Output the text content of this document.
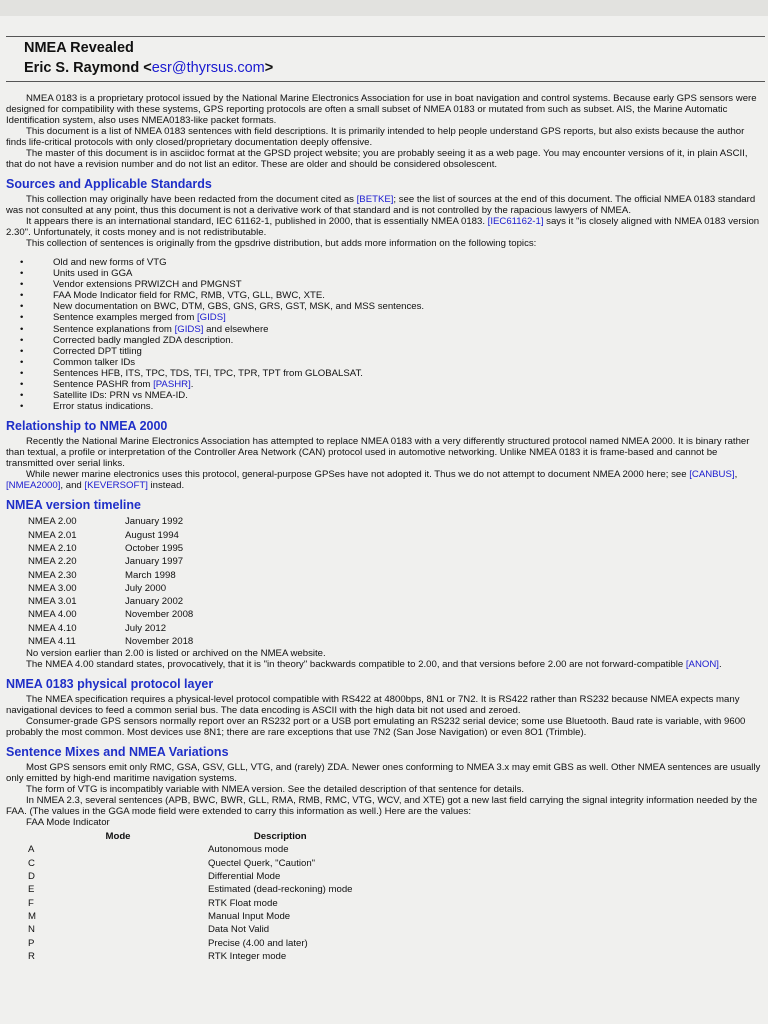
NMEA Revealed
Eric S. Raymond <esr@thyrsus.com>

NMEA 0183 is a proprietary protocol issued by the National Marine Electronics Association for use in boat navigation and control systems. Because early GPS sensors were designed for compatibility with these systems, GPS reporting protocols are often a small subset of NMEA 0183 or mutated from such as subset. AIS, the Marine Automatic Identification system, also uses NMEA0183-like packet formats.

This document is a list of NMEA 0183 sentences with field descriptions. It is primarily intended to help people understand GPS reports, but also exists because the author finds life-critical protocols with only closed/proprietary documentation deeply offensive.

The master of this document is in asciidoc format at the GPSD project website; you are probably seeing it as a web page. You may encounter versions of it, in plain ASCII, that do not have a revision number and do not list an editor. These are older and should be considered obsolescent.

Sources and Applicable Standards

This collection may originally have been redacted from the document cited as [BETKE]; see the list of sources at the end of this document. The official NMEA 0183 standard was not consulted at any point, thus this document is not a derivative work of that standard and is not controlled by the rapacious lawyers of NMEA.

It appears there is an international standard, IEC 61162-1, published in 2000, that is essentially NMEA 0183. [IEC61162-1] says it "is closely aligned with NMEA 0183 version 2.30". Unfortunately, it costs money and is not redistributable.

This collection of sentences is originally from the gpsdrive distribution, but adds more information on the following topics:

• Old and new forms of VTG
• Units used in GGA
• Vendor extensions PRWIZCH and PMGNST
• FAA Mode Indicator field for RMC, RMB, VTG, GLL, BWC, XTE.
• New documentation on BWC, DTM, GBS, GNS, GRS, GST, MSK, and MSS sentences.
• Sentence examples merged from [GIDS]
• Sentence explanations from [GIDS] and elsewhere
• Corrected badly mangled ZDA description.
• Corrected DPT titling
• Common talker IDs
• Sentences HFB, ITS, TPC, TDS, TFI, TPC, TPR, TPT from GLOBALSAT.
• Sentence PASHR from [PASHR].
• Satellite IDs: PRN vs NMEA-ID.
• Error status indications.
Relationship to NMEA 2000

Recently the National Marine Electronics Association has attempted to replace NMEA 0183 with a very differently structured protocol named NMEA 2000. It is binary rather than textual, a profile or interpretation of the Controller Area Network (CAN) protocol used in automotive networking. Unlike NMEA 0183 it is frame-based and cannot be transmitted over serial links.

While newer marine electronics uses this protocol, general-purpose GPSes have not adopted it. Thus we do not attempt to document NMEA 2000 here; see [CANBUS], [NMEA2000], and [KEVERSOFT] instead.

NMEA version timeline
NMEA 2.00	January 1992
NMEA 2.01	August 1994
NMEA 2.10	October 1995
NMEA 2.20	January 1997
NMEA 2.30	March 1998
NMEA 3.00	July 2000
NMEA 3.01	January 2002
NMEA 4.00	November 2008
NMEA 4.10	July 2012
NMEA 4.11	November 2018

No version earlier than 2.00 is listed or archived on the NMEA website.

The NMEA 4.00 standard states, provocatively, that it is "in theory" backwards compatible to 2.00, and that versions before 2.00 are not forward-compatible [ANON].

NMEA 0183 physical protocol layer

The NMEA specification requires a physical-level protocol compatible with RS422 at 4800bps, 8N1 or 7N2. It is RS422 rather than RS232 because NMEA expects many navigational devices to feed a common serial bus. The data encoding is ASCII with the high data bit not used and zeroed.

Consumer-grade GPS sensors normally report over an RS232 port or a USB port emulating an RS232 serial device; some use Bluetooth. Baud rate is variable, with 9600 probably the most common. Most devices use 8N1; there are rare exceptions that use 7N2 (San Jose Navigation) or even 8O1 (Trimble).

Sentence Mixes and NMEA Variations

Most GPS sensors emit only RMC, GSA, GSV, GLL, VTG, and (rarely) ZDA. Newer ones conforming to NMEA 3.x may emit GBS as well. Other NMEA sentences are usually only emitted by high-end maritime navigation systems.

The form of VTG is incompatibly variable with NMEA version. See the detailed description of that sentence for details.

In NMEA 2.3, several sentences (APB, BWC, BWR, GLL, RMA, RMB, RMC, VTG, WCV, and XTE) got a new last field carrying the signal integrity information needed by the FAA. (The values in the GGA mode field were extended to carry this information as well.) Here are the values:

FAA Mode Indicator
Mode	Description
A	Autonomous mode
C	Quectel Querk, "Caution"
D	Differential Mode
E	Estimated (dead-reckoning) mode
F	RTK Float mode
M	Manual Input Mode
N	Data Not Valid
P	Precise (4.00 and later)
R	RTK Integer mode
